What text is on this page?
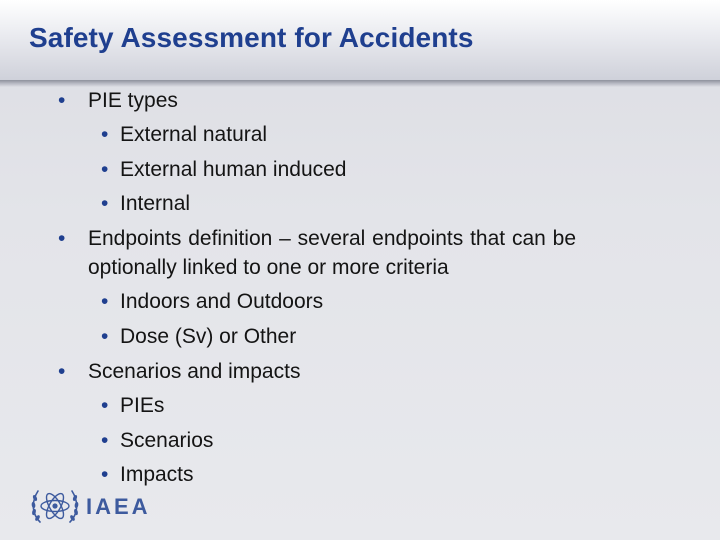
Safety Assessment for Accidents
• PIE types
• External natural
• External human induced
• Internal
• Endpoints definition – several endpoints that can be
optionally linked to one or more criteria
• Indoors and Outdoors
• Dose (Sv) or Other
• Scenarios and impacts
• PIEs
• Scenarios
• Impacts
IAEA
